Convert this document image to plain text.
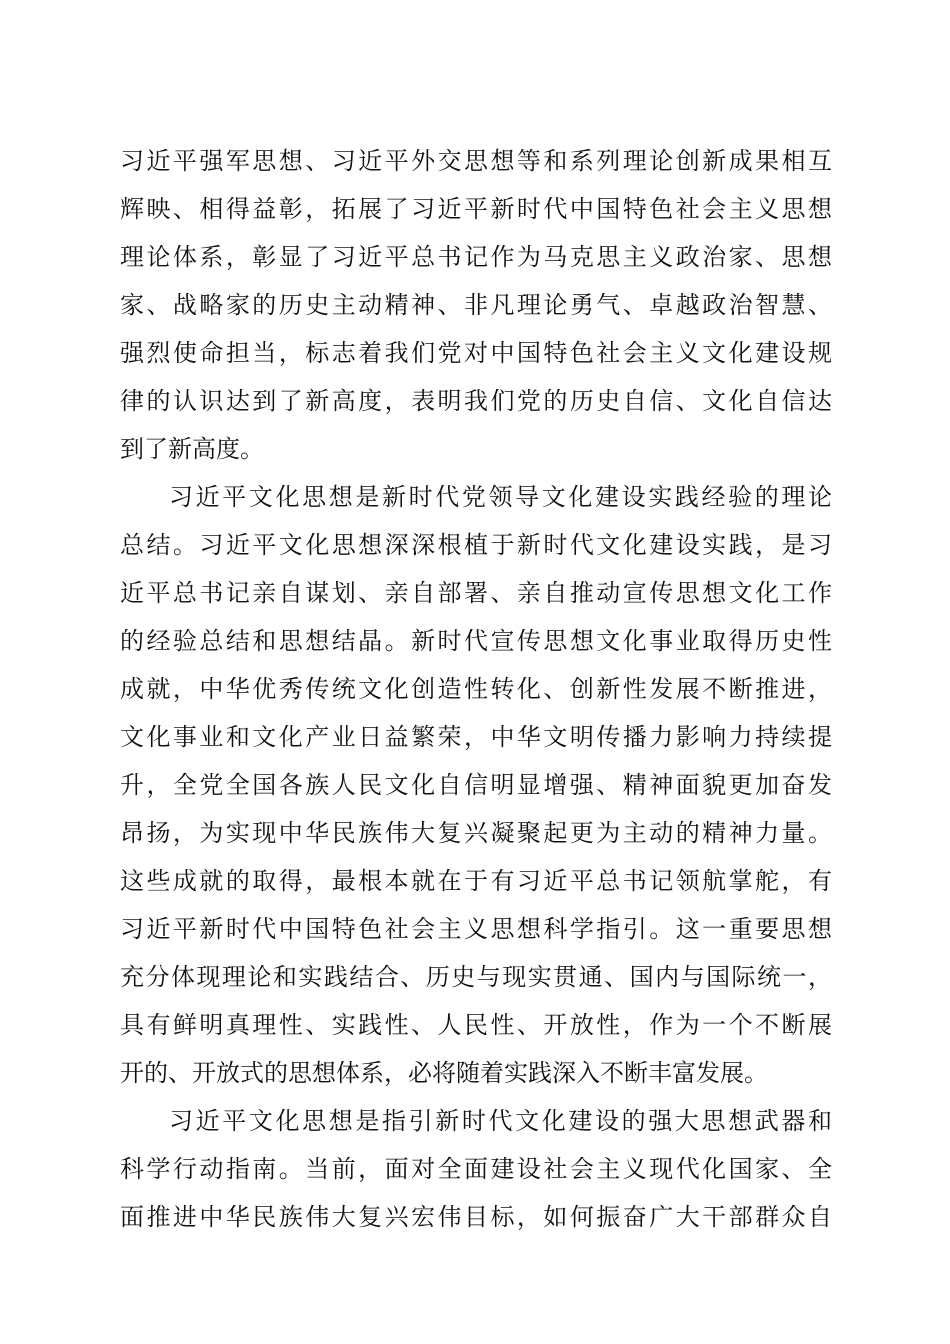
习近平强军思想、习近平外交思想等和系列理论创新成果相互
辉映、相得益彰，拓展了习近平新时代中国特色社会主义思想
理论体系，彰显了习近平总书记作为马克思主义政治家、思想
家、战略家的历史主动精神、非凡理论勇气、卓越政治智慧、
强烈使命担当，标志着我们党对中国特色社会主义文化建设规
律的认识达到了新高度，表明我们党的历史自信、文化自信达
到了新高度。
习近平文化思想是新时代党领导文化建设实践经验的理论
总结。习近平文化思想深深根植于新时代文化建设实践，是习
近平总书记亲自谋划、亲自部署、亲自推动宣传思想文化工作
的经验总结和思想结晶。新时代宣传思想文化事业取得历史性
成就，中华优秀传统文化创造性转化、创新性发展不断推进，
文化事业和文化产业日益繁荣，中华文明传播力影响力持续提
升，全党全国各族人民文化自信明显增强、精神面貌更加奋发
昂扬，为实现中华民族伟大复兴凝聚起更为主动的精神力量。
这些成就的取得，最根本就在于有习近平总书记领航掌舵，有
习近平新时代中国特色社会主义思想科学指引。这一重要思想
充分体现理论和实践结合、历史与现实贯通、国内与国际统一，
具有鲜明真理性、实践性、人民性、开放性，作为一个不断展
开的、开放式的思想体系，必将随着实践深入不断丰富发展。
习近平文化思想是指引新时代文化建设的强大思想武器和
科学行动指南。当前，面对全面建设社会主义现代化国家、全
面推进中华民族伟大复兴宏伟目标，如何振奋广大干部群众自
